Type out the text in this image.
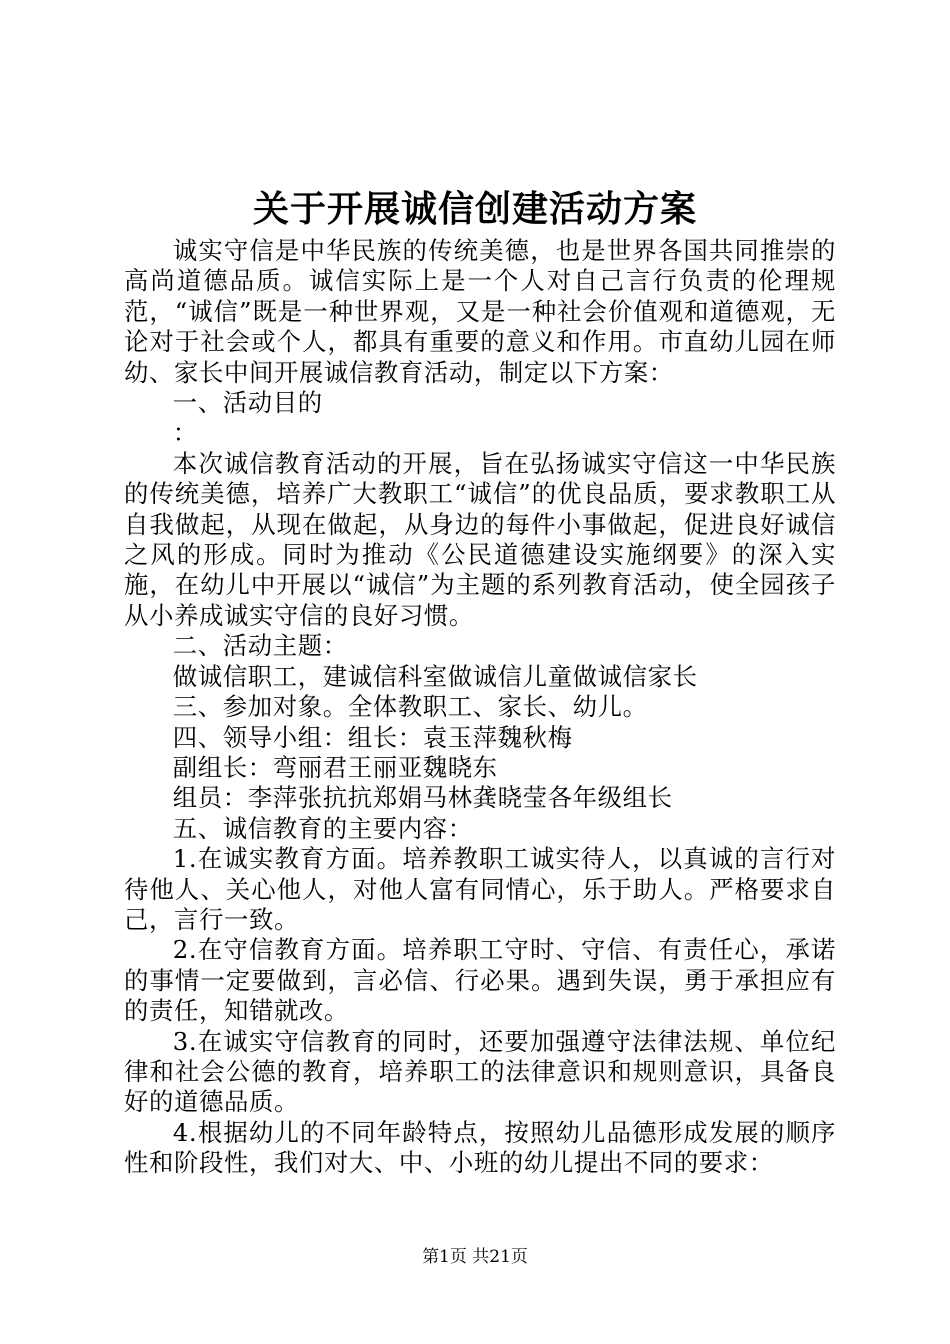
关于开展诚信创建活动方案

诚实守信是中华民族的传统美德，也是世界各国共同推崇的高尚道德品质。诚信实际上是一个人对自己言行负责的伦理规范，“诚信”既是一种世界观，又是一种社会价值观和道德观，无论对于社会或个人，都具有重要的意义和作用。市直幼儿园在师幼、家长中间开展诚信教育活动，制定以下方案：

一、活动目的

：

本次诚信教育活动的开展，旨在弘扬诚实守信这一中华民族的传统美德，培养广大教职工“诚信”的优良品质，要求教职工从自我做起，从现在做起，从身边的每件小事做起，促进良好诚信之风的形成。同时为推动《公民道德建设实施纲要》的深入实施，在幼儿中开展以“诚信”为主题的系列教育活动，使全园孩子从小养成诚实守信的良好习惯。

二、活动主题：

做诚信职工，建诚信科室做诚信儿童做诚信家长

三、参加对象。全体教职工、家长、幼儿。

四、领导小组：组长：袁玉萍魏秋梅

副组长：弯丽君王丽亚魏晓东

组员：李萍张抗抗郑娟马林龚晓莹各年级组长

五、诚信教育的主要内容：

1.在诚实教育方面。培养教职工诚实待人，以真诚的言行对待他人、关心他人，对他人富有同情心，乐于助人。严格要求自己，言行一致。

2.在守信教育方面。培养职工守时、守信、有责任心，承诺的事情一定要做到，言必信、行必果。遇到失误，勇于承担应有的责任，知错就改。

3.在诚实守信教育的同时，还要加强遵守法律法规、单位纪律和社会公德的教育，培养职工的法律意识和规则意识，具备良好的道德品质。

4.根据幼儿的不同年龄特点，按照幼儿品德形成发展的顺序性和阶段性，我们对大、中、小班的幼儿提出不同的要求：

第1页 共21页
